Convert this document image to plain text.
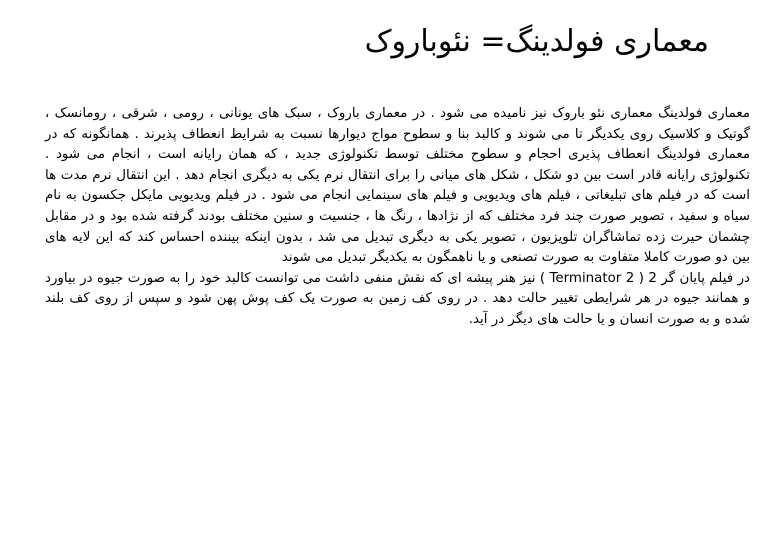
معماری فولدینگ= نئوباروک

معماری فولدینگ معماری نئو باروک نیز نامیده می شود . در معماری باروک ، سبک های یونانی ، رومی ، شرقی ، رومانسک ، گوتیک و کلاسیک روی یکدیگر تا می شوند و کالبد بنا و سطوح مواج دیوارها نسبت به شرایط انعطاف پذیرند . همانگونه که در معماری فولدینگ انعطاف پذیری احجام و سطوح مختلف توسط تکنولوژی جدید ، که همان رایانه است ، انجام می شود . تکنولوژی رایانه قادر است بین دو شکل ، شکل های میانی را برای انتقال نرم یکی به دیگری انجام دهد . این انتقال نرم مدت ها است که در فیلم های تبلیغاتی ، فیلم های ویدیویی و فیلم های سینمایی انجام می شود . در فیلم ویدیویی مایکل جکسون به نام سیاه و سفید ، تصویر صورت چند فرد مختلف که از نژادها ، رنگ ها ، جنسیت و سنین مختلف بودند گرفته شده بود و در مقابل چشمان حیرت زده تماشاگران تلویزیون ، تصویر یکی به دیگری تبدیل می شد ، بدون اینکه بیننده احساس کند که این لایه های بین دو صورت کاملا متفاوت به صورت تصنعی و یا ناهمگون به یکدیگر تبدیل می شوند

در فیلم پایان گر 2 ( Terminator 2 ) نیز هنر پیشه ای که نقش منفی داشت می توانست کالبد خود را به صورت جیوه در بیاورد و همانند جیوه در هر شرایطی تغییر حالت دهد . در روی کف زمین به صورت یک کف پوش پهن شود و سپس از روی کف بلند شده و به صورت انسان و یا حالت های دیگر در آید.
